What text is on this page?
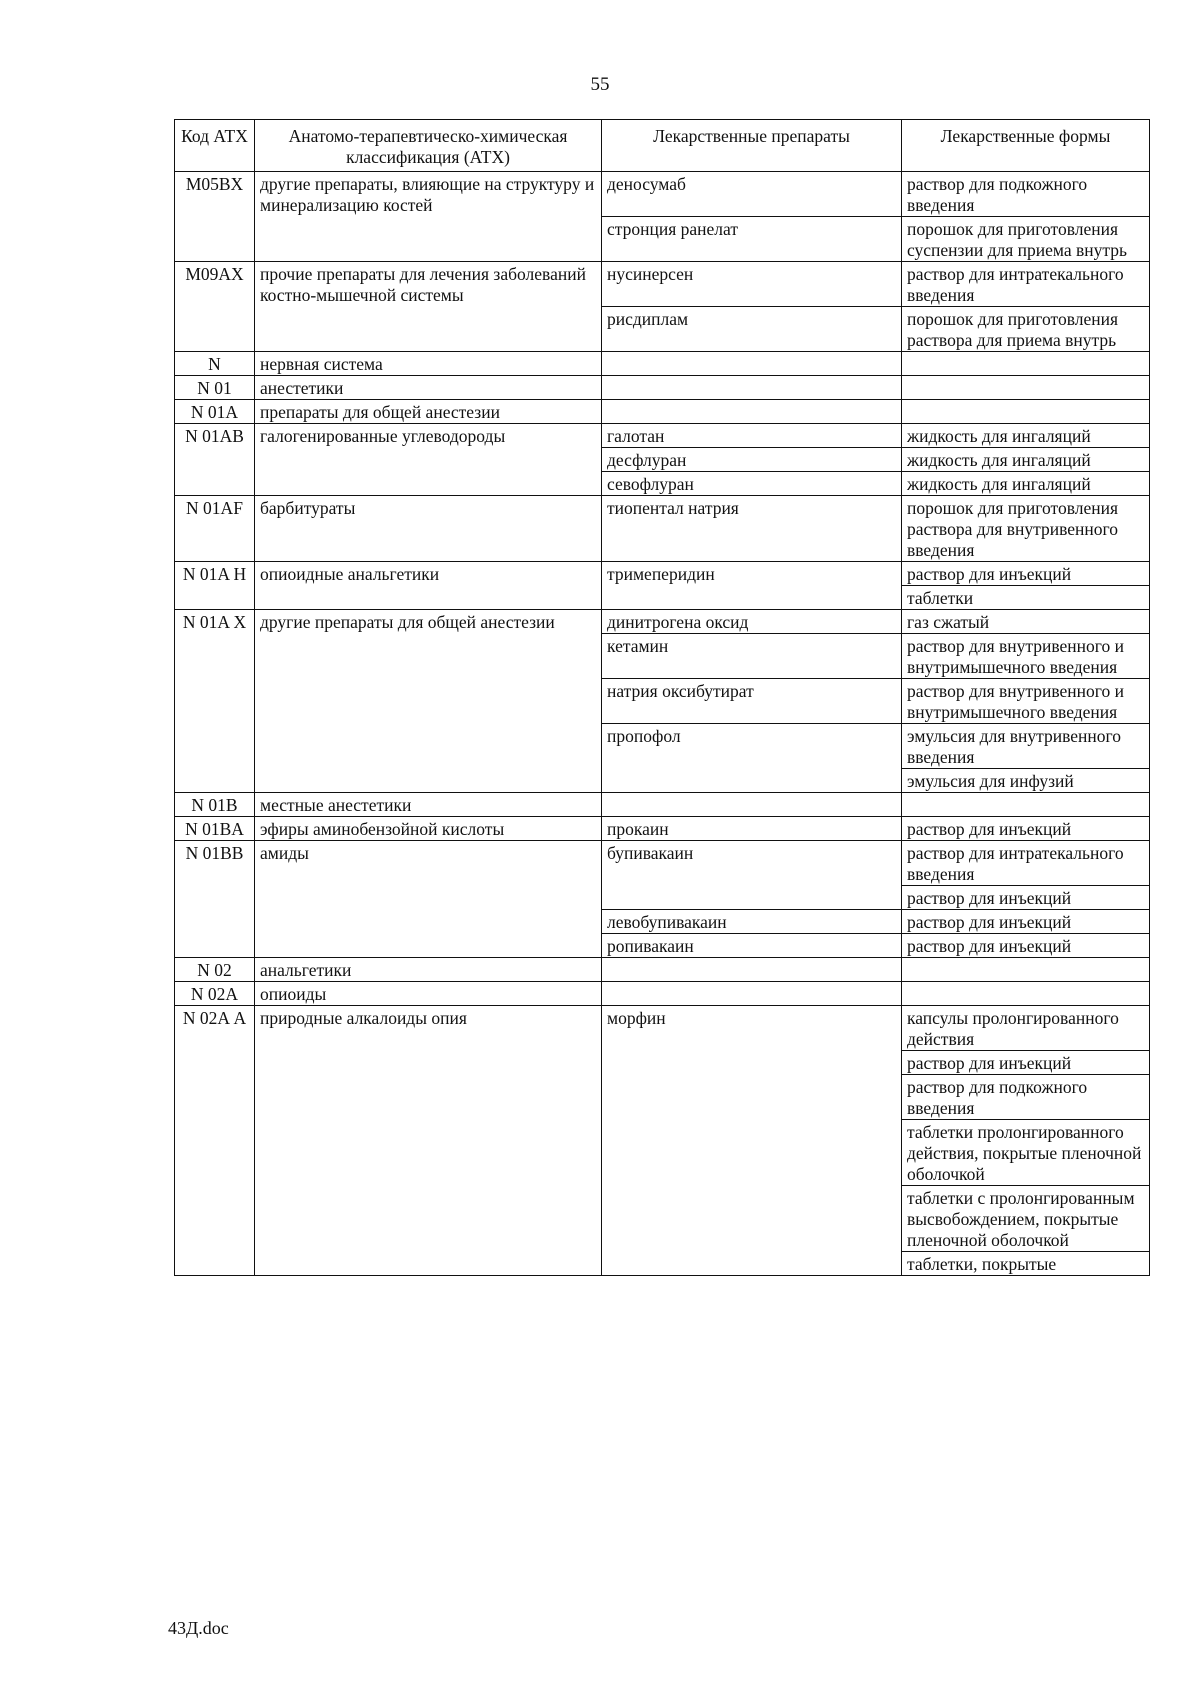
55
Код АТХ	Анатомо-терапевтическо-химическая классификация (АТХ)	Лекарственные препараты	Лекарственные формы
M05BX	другие препараты, влияющие на структуру и минерализацию костей	деносумаб	раствор для подкожного введения
		стронция ранелат	порошок для приготовления суспензии для приема внутрь
M09AX	прочие препараты для лечения заболеваний костно-мышечной системы	нусинерсен	раствор для интратекального введения
		рисдиплам	порошок для приготовления раствора для приема внутрь
N	нервная система		
N 01	анестетики		
N 01A	препараты для общей анестезии		
N 01AB	галогенированные углеводороды	галотан	жидкость для ингаляций
		десфлуран	жидкость для ингаляций
		севофлуран	жидкость для ингаляций
N 01AF	барбитураты	тиопентал натрия	порошок для приготовления раствора для внутривенного введения
N 01A Н	опиоидные анальгетики	тримеперидин	раствор для инъекций
			таблетки
N 01A X	другие препараты для общей анестезии	динитрогена оксид	газ сжатый
		кетамин	раствор для внутривенного и внутримышечного введения
		натрия оксибутират	раствор для внутривенного и внутримышечного введения
		пропофол	эмульсия для внутривенного введения
			эмульсия для инфузий
N 01B	местные анестетики		
N 01BA	эфиры аминобензойной кислоты	прокаин	раствор для инъекций
N 01BB	амиды	бупивакаин	раствор для интратекального введения
			раствор для инъекций
		левобупивакаин	раствор для инъекций
		ропивакаин	раствор для инъекций
N 02	анальгетики		
N 02A	опиоиды		
N 02A А	природные алкалоиды опия	морфин	капсулы пролонгированного действия
			раствор для инъекций
			раствор для подкожного введения
			таблетки пролонгированного действия, покрытые пленочной оболочкой
			таблетки с пролонгированным высвобождением, покрытые пленочной оболочкой
			таблетки, покрытые
43Д.doc
